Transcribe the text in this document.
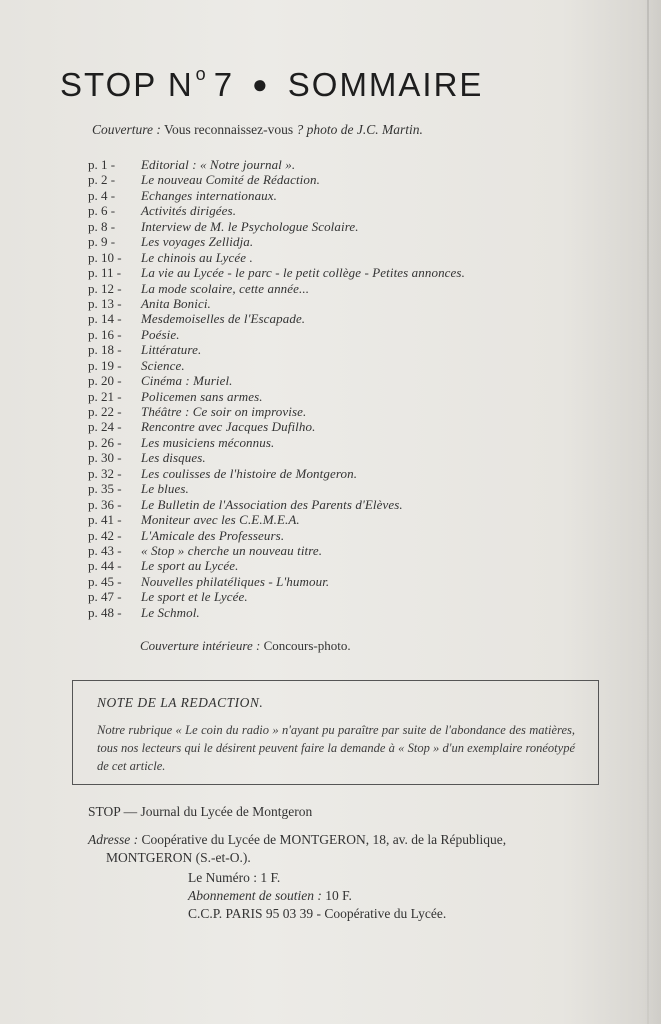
STOP N $^o$ 7 ● SOMMAIRE
Couverture : Vous reconnaissez-vous ? photo de J.C. Martin.
p. 1 - Editorial : « Notre journal ».
p. 2 - Le nouveau Comité de Rédaction.
p. 4 - Echanges internationaux.
p. 6 - Activités dirigées.
p. 8 - Interview de M. le Psychologue Scolaire.
p. 9 - Les voyages Zellidja.
p. 10 - Le chinois au Lycée .
p. 11 - La vie au Lycée - le parc - le petit collège - Petites annonces.
p. 12 - La mode scolaire, cette année...
p. 13 - Anita Bonici.
p. 14 - Mesdemoiselles de l'Escapade.
p. 16 - Poésie.
p. 18 - Littérature.
p. 19 - Science.
p. 20 - Cinéma : Muriel.
p. 21 - Policemen sans armes.
p. 22 - Théâtre : Ce soir on improvise.
p. 24 - Rencontre avec Jacques Dufilho.
p. 26 - Les musiciens méconnus.
p. 30 - Les disques.
p. 32 - Les coulisses de l'histoire de Montgeron.
p. 35 - Le blues.
p. 36 - Le Bulletin de l'Association des Parents d'Elèves.
p. 41 - Moniteur avec les C.E.M.E.A.
p. 42 - L'Amicale des Professeurs.
p. 43 - « Stop » cherche un nouveau titre.
p. 44 - Le sport au Lycée.
p. 45 - Nouvelles philatéliques - L'humour.
p. 47 - Le sport et le Lycée.
p. 48 - Le Schmol.
Couverture intérieure : Concours-photo.
NOTE DE LA REDACTION.
Notre rubrique « Le coin du radio » n'ayant pu paraître par suite de l'abondance des matières, tous nos lecteurs qui le désirent peuvent faire la demande à « Stop » d'un exemplaire ronéotypé de cet article.
STOP — Journal du Lycée de Montgeron
Adresse : Coopérative du Lycée de MONTGERON, 18, av. de la République,
MONTGERON (S.-et-O.).
Le Numéro : 1 F.
Abonnement de soutien : 10 F.
C.C.P. PARIS 95 03 39 - Coopérative du Lycée.
